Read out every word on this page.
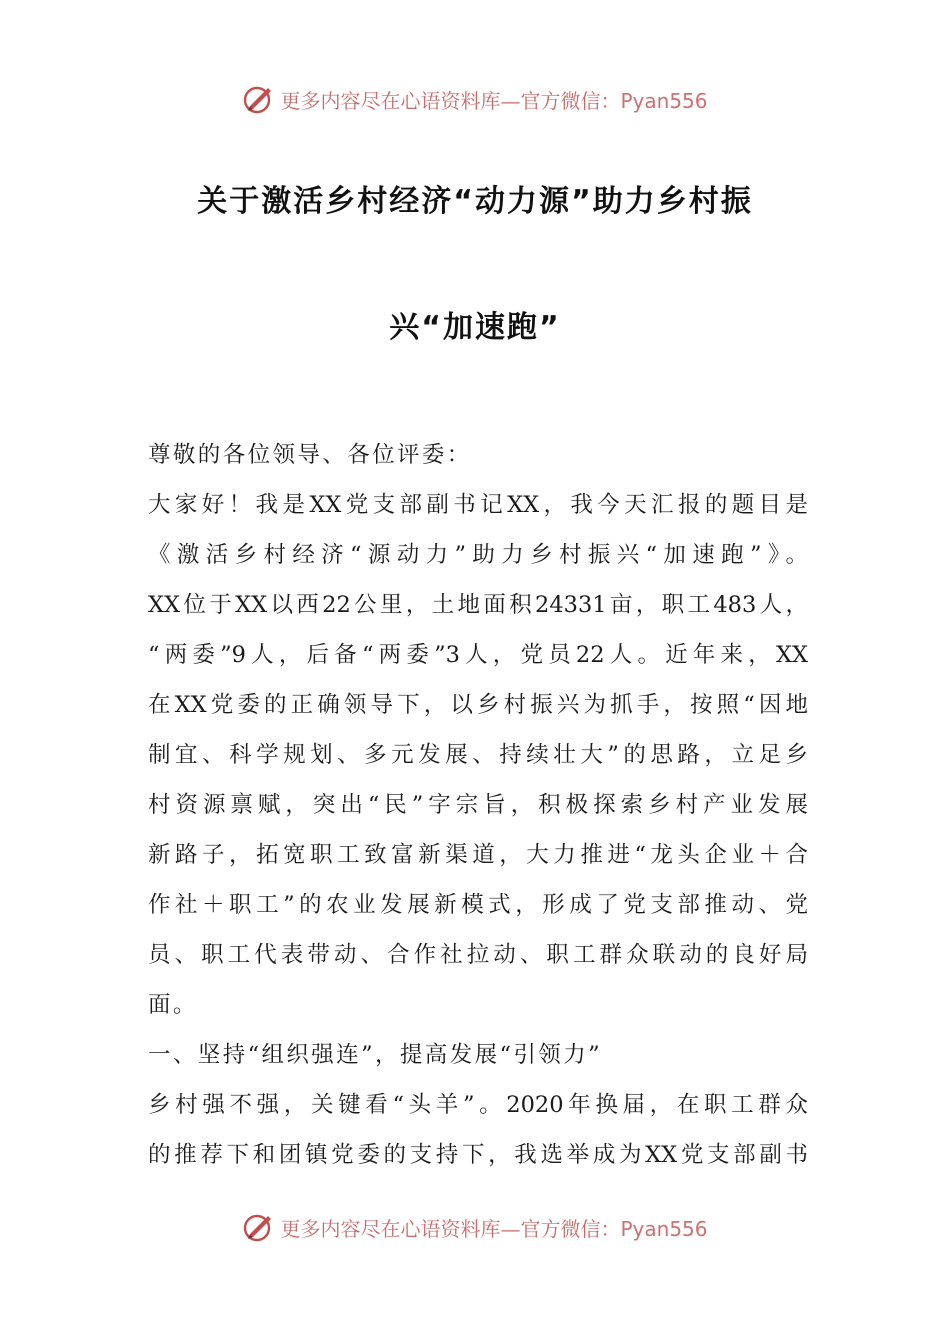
更多内容尽在心语资料库—官方微信：Pyan556
关于激活乡村经济“动力源”助力乡村振
兴“加速跑”
尊敬的各位领导、各位评委：
大家好！我是XX党支部副书记XX，我今天汇报的题目是
《激活乡村经济“源动力”助力乡村振兴“加速跑”》。
XX位于XX以西22公里，土地面积24331亩，职工483人，
“两委”9人，后备“两委”3人，党员22人。近年来，XX
在XX党委的正确领导下，以乡村振兴为抓手，按照“因地
制宜、科学规划、多元发展、持续壮大”的思路，立足乡
村资源禀赋，突出“民”字宗旨，积极探索乡村产业发展
新路子，拓宽职工致富新渠道，大力推进“龙头企业＋合
作社＋职工”的农业发展新模式，形成了党支部推动、党
员、职工代表带动、合作社拉动、职工群众联动的良好局
面。
一、坚持“组织强连”，提高发展“引领力”
乡村强不强，关键看“头羊”。2020年换届，在职工群众
的推荐下和团镇党委的支持下，我选举成为XX党支部副书
更多内容尽在心语资料库—官方微信：Pyan556
